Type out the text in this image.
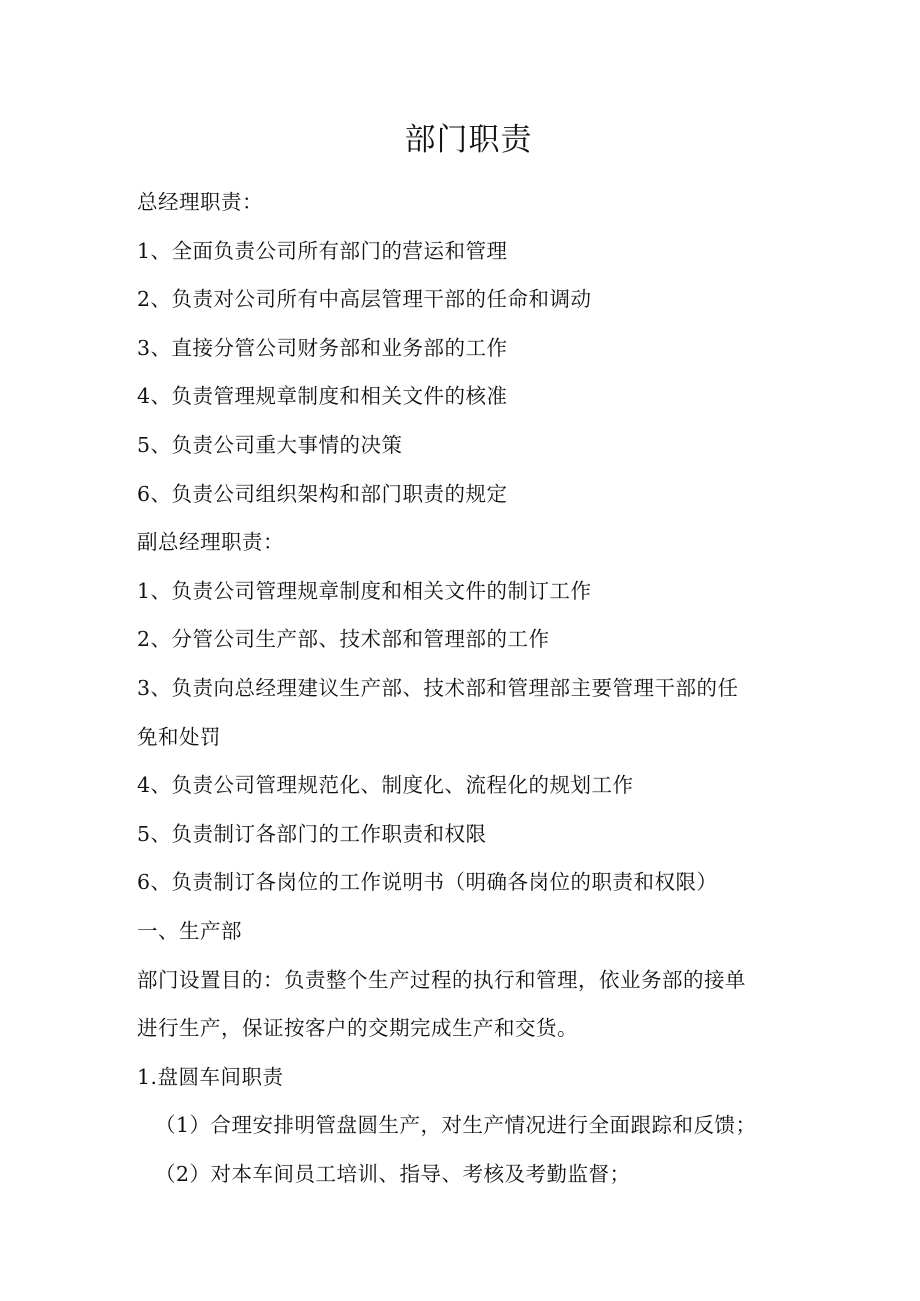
部门职责

总经理职责：

1、全面负责公司所有部门的营运和管理

2、负责对公司所有中高层管理干部的任命和调动

3、直接分管公司财务部和业务部的工作

4、负责管理规章制度和相关文件的核准

5、负责公司重大事情的决策

6、负责公司组织架构和部门职责的规定

副总经理职责：

1、负责公司管理规章制度和相关文件的制订工作

2、分管公司生产部、技术部和管理部的工作

3、负责向总经理建议生产部、技术部和管理部主要管理干部的任

免和处罚

4、负责公司管理规范化、制度化、流程化的规划工作

5、负责制订各部门的工作职责和权限

6、负责制订各岗位的工作说明书（明确各岗位的职责和权限）

一、生产部

部门设置目的：负责整个生产过程的执行和管理，依业务部的接单

进行生产，保证按客户的交期完成生产和交货。

1.盘圆车间职责

（1）合理安排明管盘圆生产，对生产情况进行全面跟踪和反馈；

（2）对本车间员工培训、指导、考核及考勤监督；
